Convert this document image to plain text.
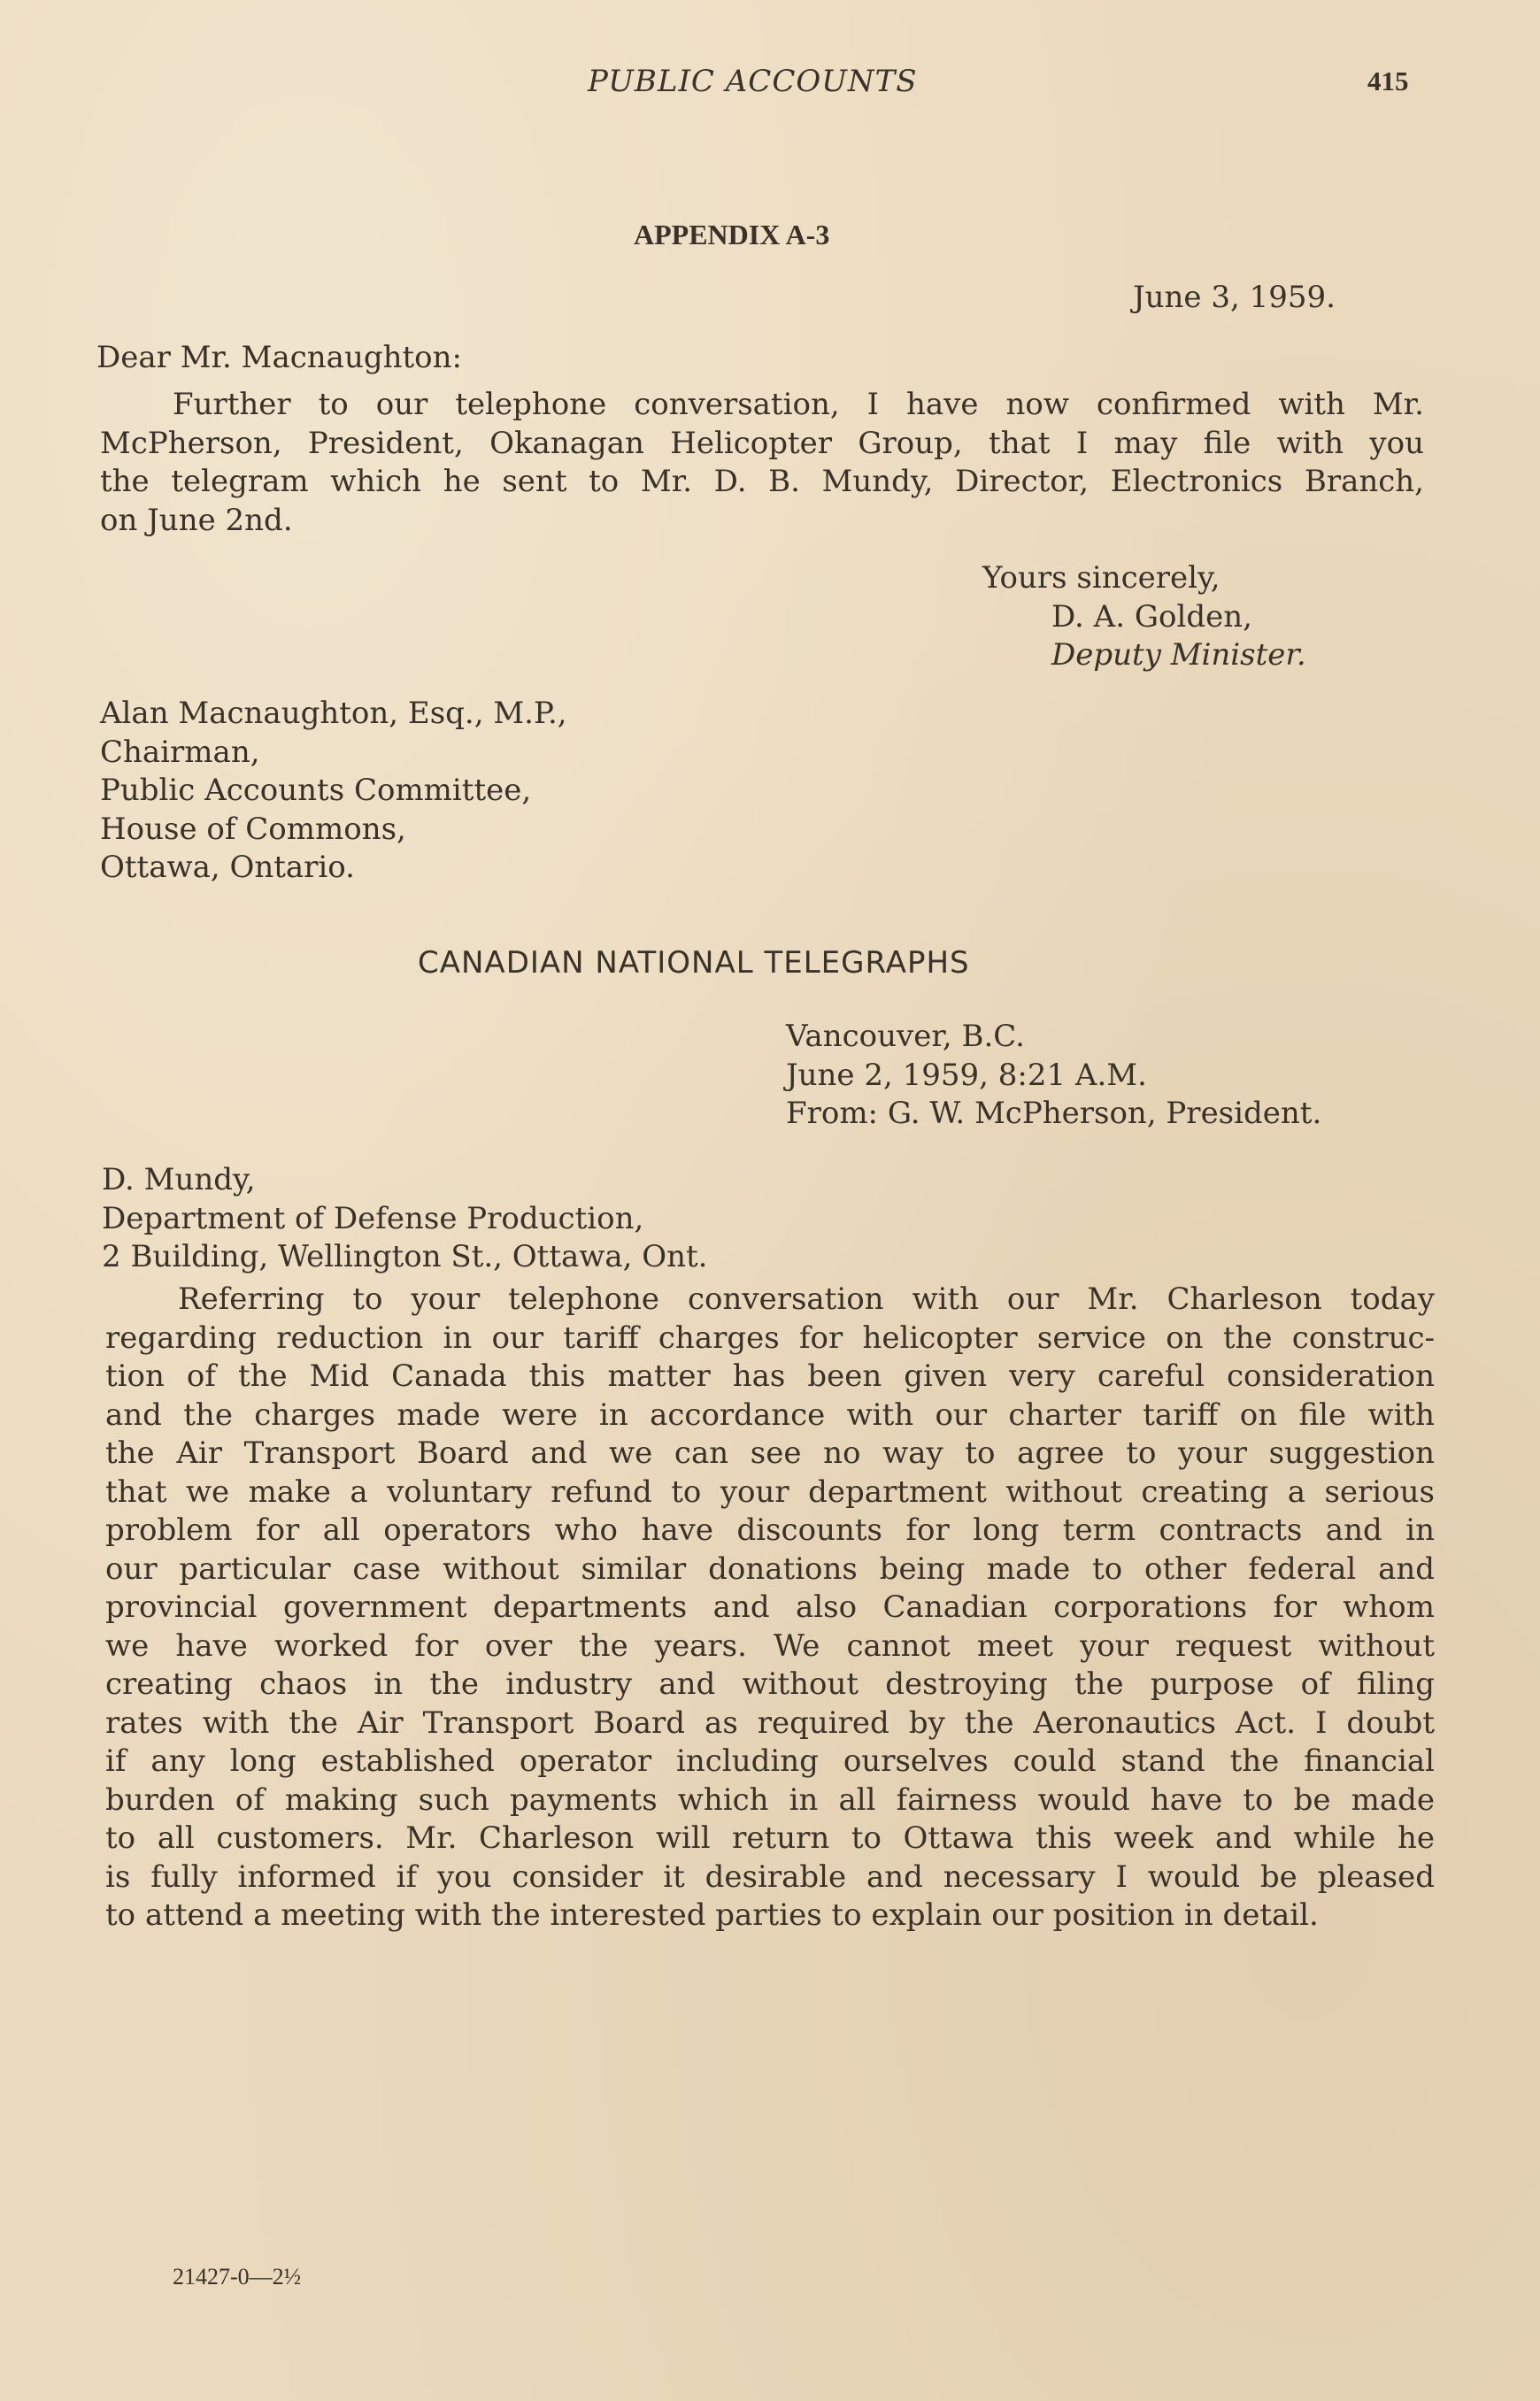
PUBLIC ACCOUNTS	415
APPENDIX A-3
June 3, 1959.
Dear Mr. Macnaughton:
Further to our telephone conversation, I have now confirmed with Mr.
McPherson, President, Okanagan Helicopter Group, that I may file with you
the telegram which he sent to Mr. D. B. Mundy, Director, Electronics Branch,
on June 2nd.
Yours sincerely,
D. A. Golden,
Deputy Minister.
Alan Macnaughton, Esq., M.P.,
Chairman,
Public Accounts Committee,
House of Commons,
Ottawa, Ontario.
CANADIAN NATIONAL TELEGRAPHS
Vancouver, B.C.
June 2, 1959, 8:21 A.M.
From: G. W. McPherson, President.
D. Mundy,
Department of Defense Production,
2 Building, Wellington St., Ottawa, Ont.
Referring to your telephone conversation with our Mr. Charleson today
regarding reduction in our tariff charges for helicopter service on the construc-
tion of the Mid Canada this matter has been given very careful consideration
and the charges made were in accordance with our charter tariff on file with
the Air Transport Board and we can see no way to agree to your suggestion
that we make a voluntary refund to your department without creating a serious
problem for all operators who have discounts for long term contracts and in
our particular case without similar donations being made to other federal and
provincial government departments and also Canadian corporations for whom
we have worked for over the years. We cannot meet your request without
creating chaos in the industry and without destroying the purpose of filing
rates with the Air Transport Board as required by the Aeronautics Act. I doubt
if any long established operator including ourselves could stand the financial
burden of making such payments which in all fairness would have to be made
to all customers. Mr. Charleson will return to Ottawa this week and while he
is fully informed if you consider it desirable and necessary I would be pleased
to attend a meeting with the interested parties to explain our position in detail.
21427-0—2½
